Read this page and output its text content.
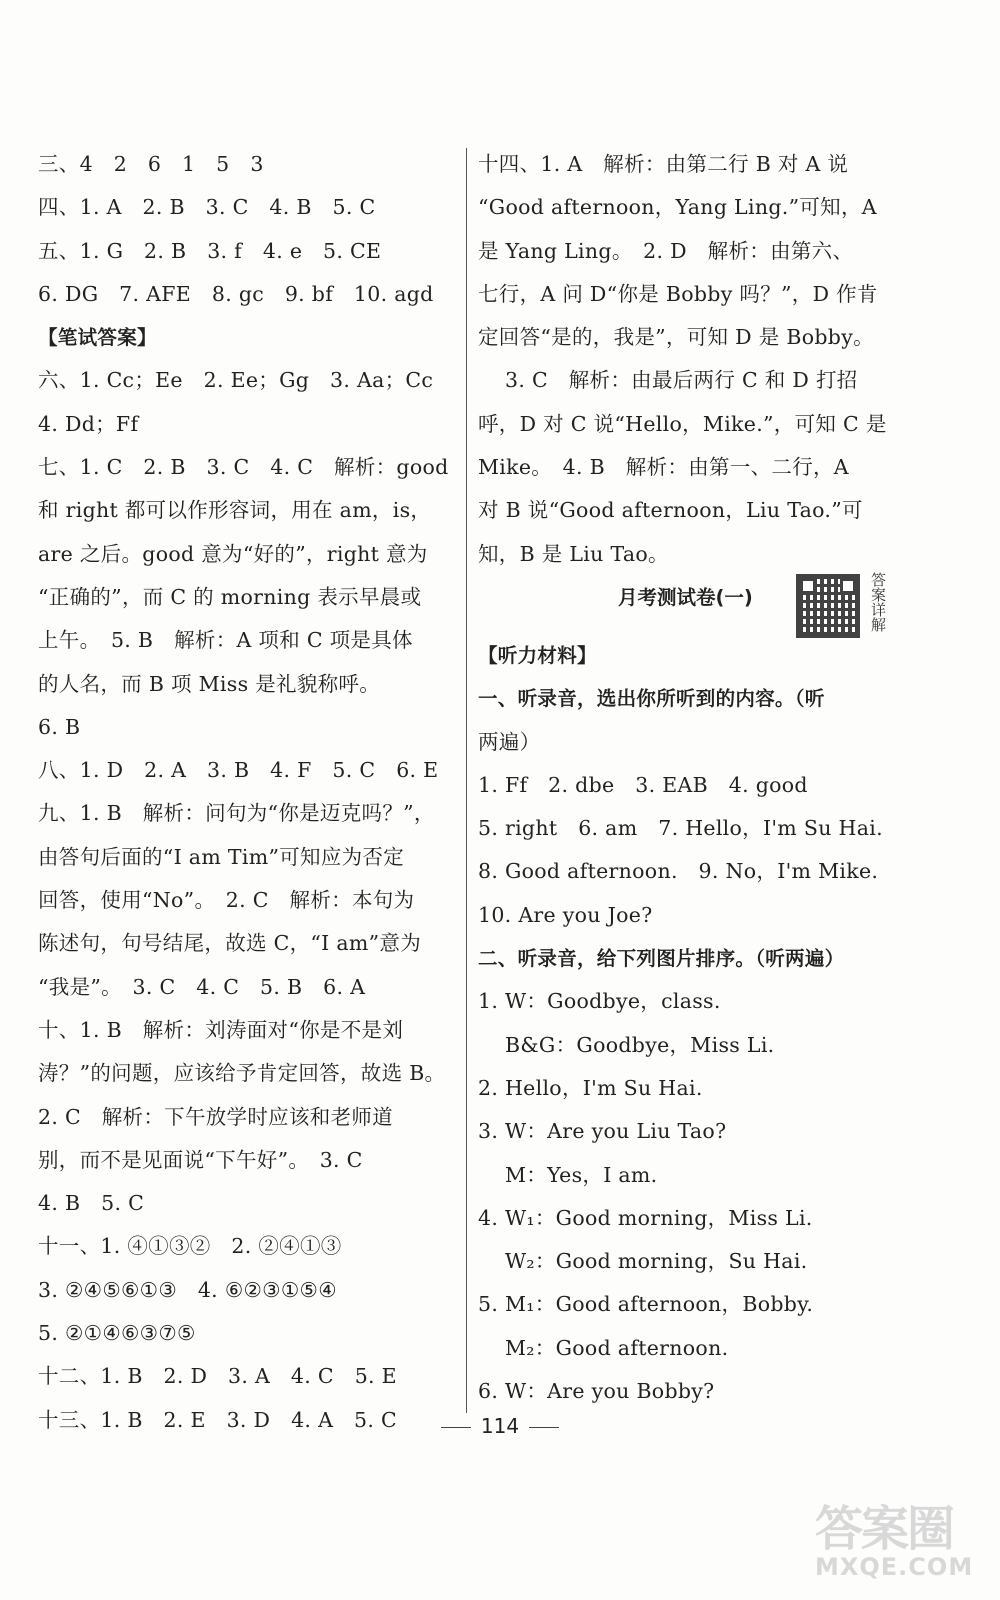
三、4　2　6　1　5　3
四、1. A　2. B　3. C　4. B　5. C
五、1. G　2. B　3. f　4. e　5. CE
6. DG　7. AFE　8. gc　9. bf　10. agd
【笔试答案】
六、1. Cc；Ee　2. Ee；Gg　3. Aa；Cc
4. Dd；Ff
七、1. C　2. B　3. C　4. C　解析：good
和 right 都可以作形容词，用在 am，is，
are 之后。good 意为“好的”，right 意为
“正确的”，而 C 的 morning 表示早晨或
上午。　5. B　解析：A 项和 C 项是具体
的人名，而 B 项 Miss 是礼貌称呼。
6. B
八、1. D　2. A　3. B　4. F　5. C　6. E
九、1. B　解析：问句为“你是迈克吗？”，
由答句后面的“I am Tim”可知应为否定
回答，使用“No”。　2. C　解析：本句为
陈述句，句号结尾，故选 C，“I am”意为
“我是”。　3. C　4. C　5. B　6. A
十、1. B　解析：刘涛面对“你是不是刘
涛？”的问题，应该给予肯定回答，故选 B。
2. C　解析：下午放学时应该和老师道
别，而不是见面说“下午好”。　3. C
4. B　5. C
十一、1. ④①③②　2. ②④①③
3. ②④⑤⑥①③　4. ⑥②③①⑤④
5. ②①④⑥③⑦⑤
十二、1. B　2. D　3. A　4. C　5. E
十三、1. B　2. E　3. D　4. A　5. C
十四、1. A　解析：由第二行 B 对 A 说
“Good afternoon，Yang Ling.”可知，A
是 Yang Ling。　2. D　解析：由第六、
七行，A 问 D“你是 Bobby 吗？”，D 作肯
定回答“是的，我是”，可知 D 是 Bobby。
3. C　解析：由最后两行 C 和 D 打招
呼，D 对 C 说“Hello，Mike.”，可知 C 是
Mike。　4. B　解析：由第一、二行，A
对 B 说“Good afternoon，Liu Tao.”可
知，B 是 Liu Tao。
月考测试卷(一)	答案详解
【听力材料】
一、听录音，选出你所听到的内容。（听
两遍）
1. Ff　2. dbe　3. EAB　4. good
5. right　6. am　7. Hello，I'm Su Hai.
8. Good afternoon.　9. No，I'm Mike.
10. Are you Joe?
二、听录音，给下列图片排序。（听两遍）
1. W：Goodbye，class.
B&G：Goodbye，Miss Li.
2. Hello，I'm Su Hai.
3. W：Are you Liu Tao?
M：Yes，I am.
4. W₁：Good morning，Miss Li.
W₂：Good morning，Su Hai.
5. M₁：Good afternoon，Bobby.
M₂：Good afternoon.
6. W：Are you Bobby?
114
答案圈
MXQE.COM
